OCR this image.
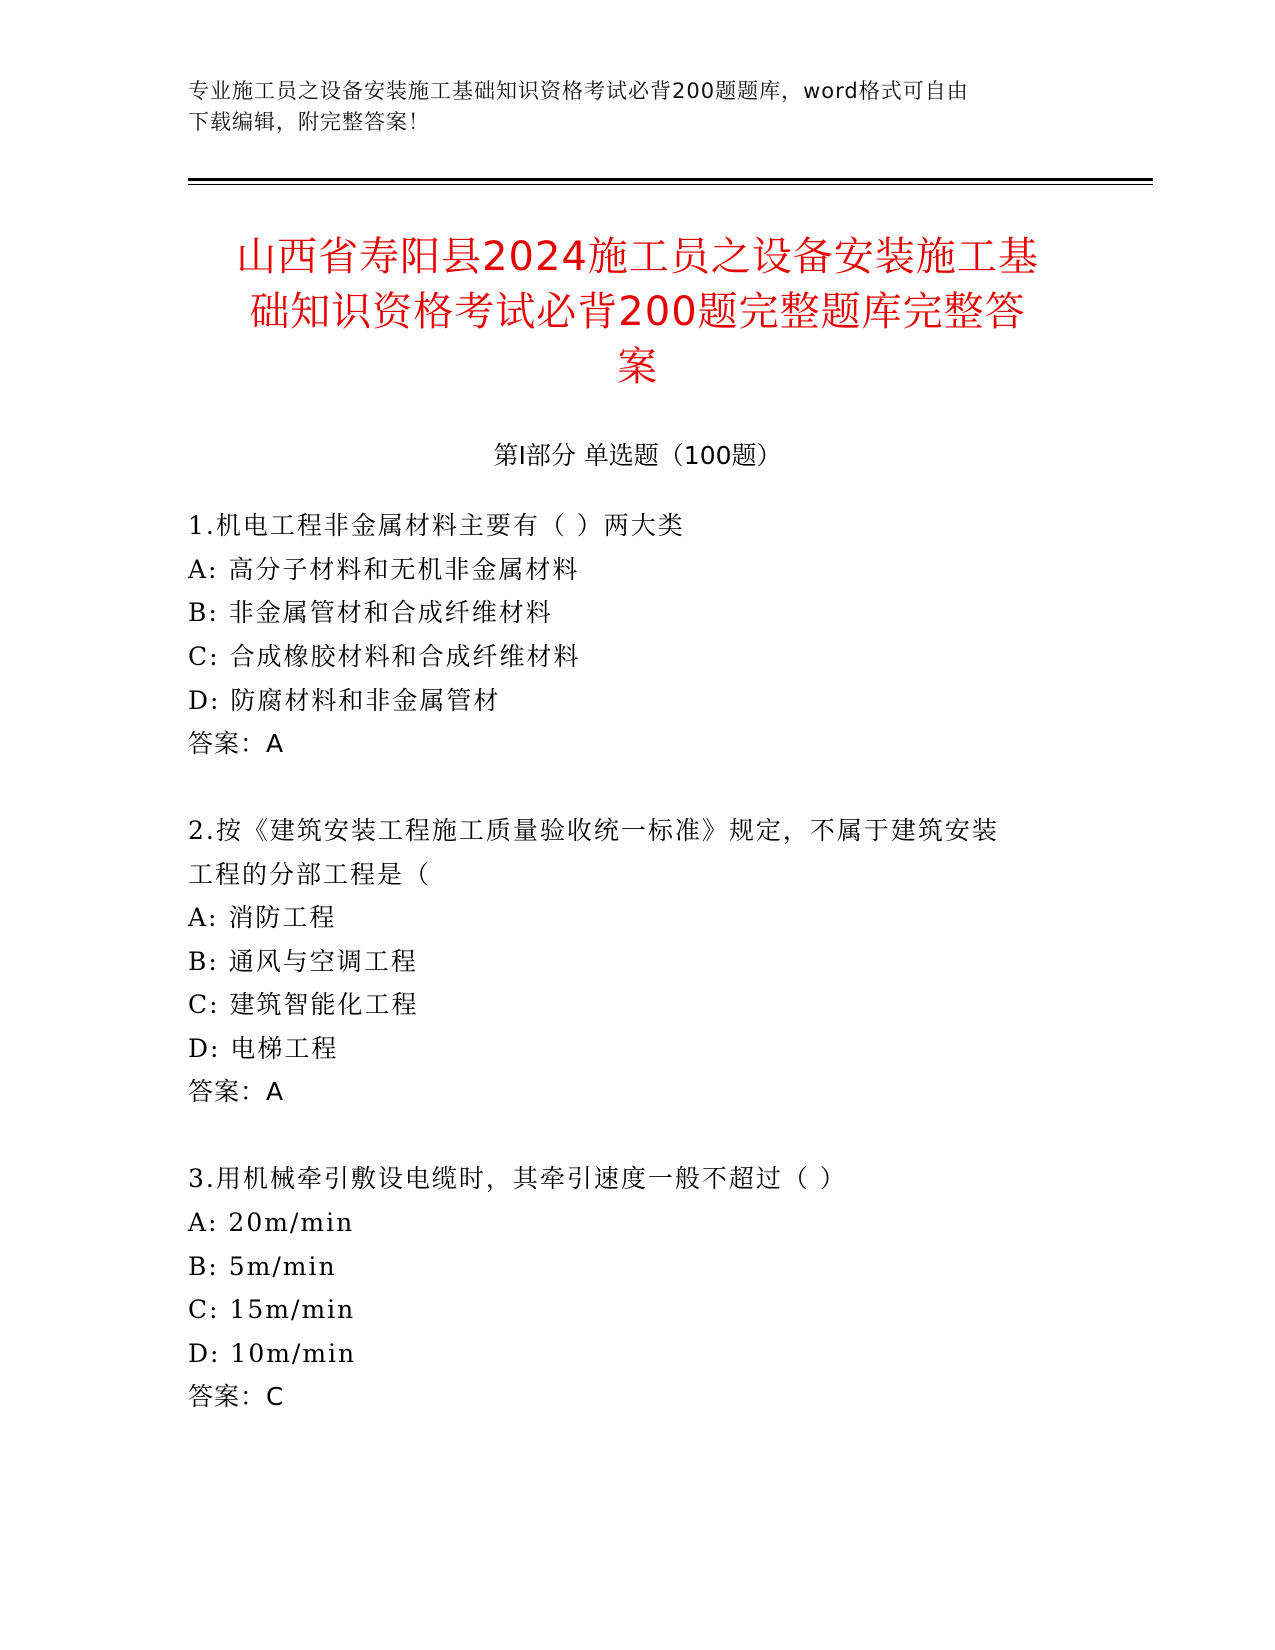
专业施工员之设备安装施工基础知识资格考试必背200题题库，word格式可自由
下载编辑，附完整答案！
山西省寿阳县2024施工员之设备安装施工基
础知识资格考试必背200题完整题库完整答
案
第I部分 单选题（100题）
1.机电工程非金属材料主要有（ ）两大类
A: 高分子材料和无机非金属材料
B: 非金属管材和合成纤维材料
C: 合成橡胶材料和合成纤维材料
D: 防腐材料和非金属管材
答案：A
2.按《建筑安装工程施工质量验收统一标准》规定，不属于建筑安装
工程的分部工程是（
A: 消防工程
B: 通风与空调工程
C: 建筑智能化工程
D: 电梯工程
答案：A
3.用机械牵引敷设电缆时，其牵引速度一般不超过（ ）
A: 20m/min
B: 5m/min
C: 15m/min
D: 10m/min
答案：C
